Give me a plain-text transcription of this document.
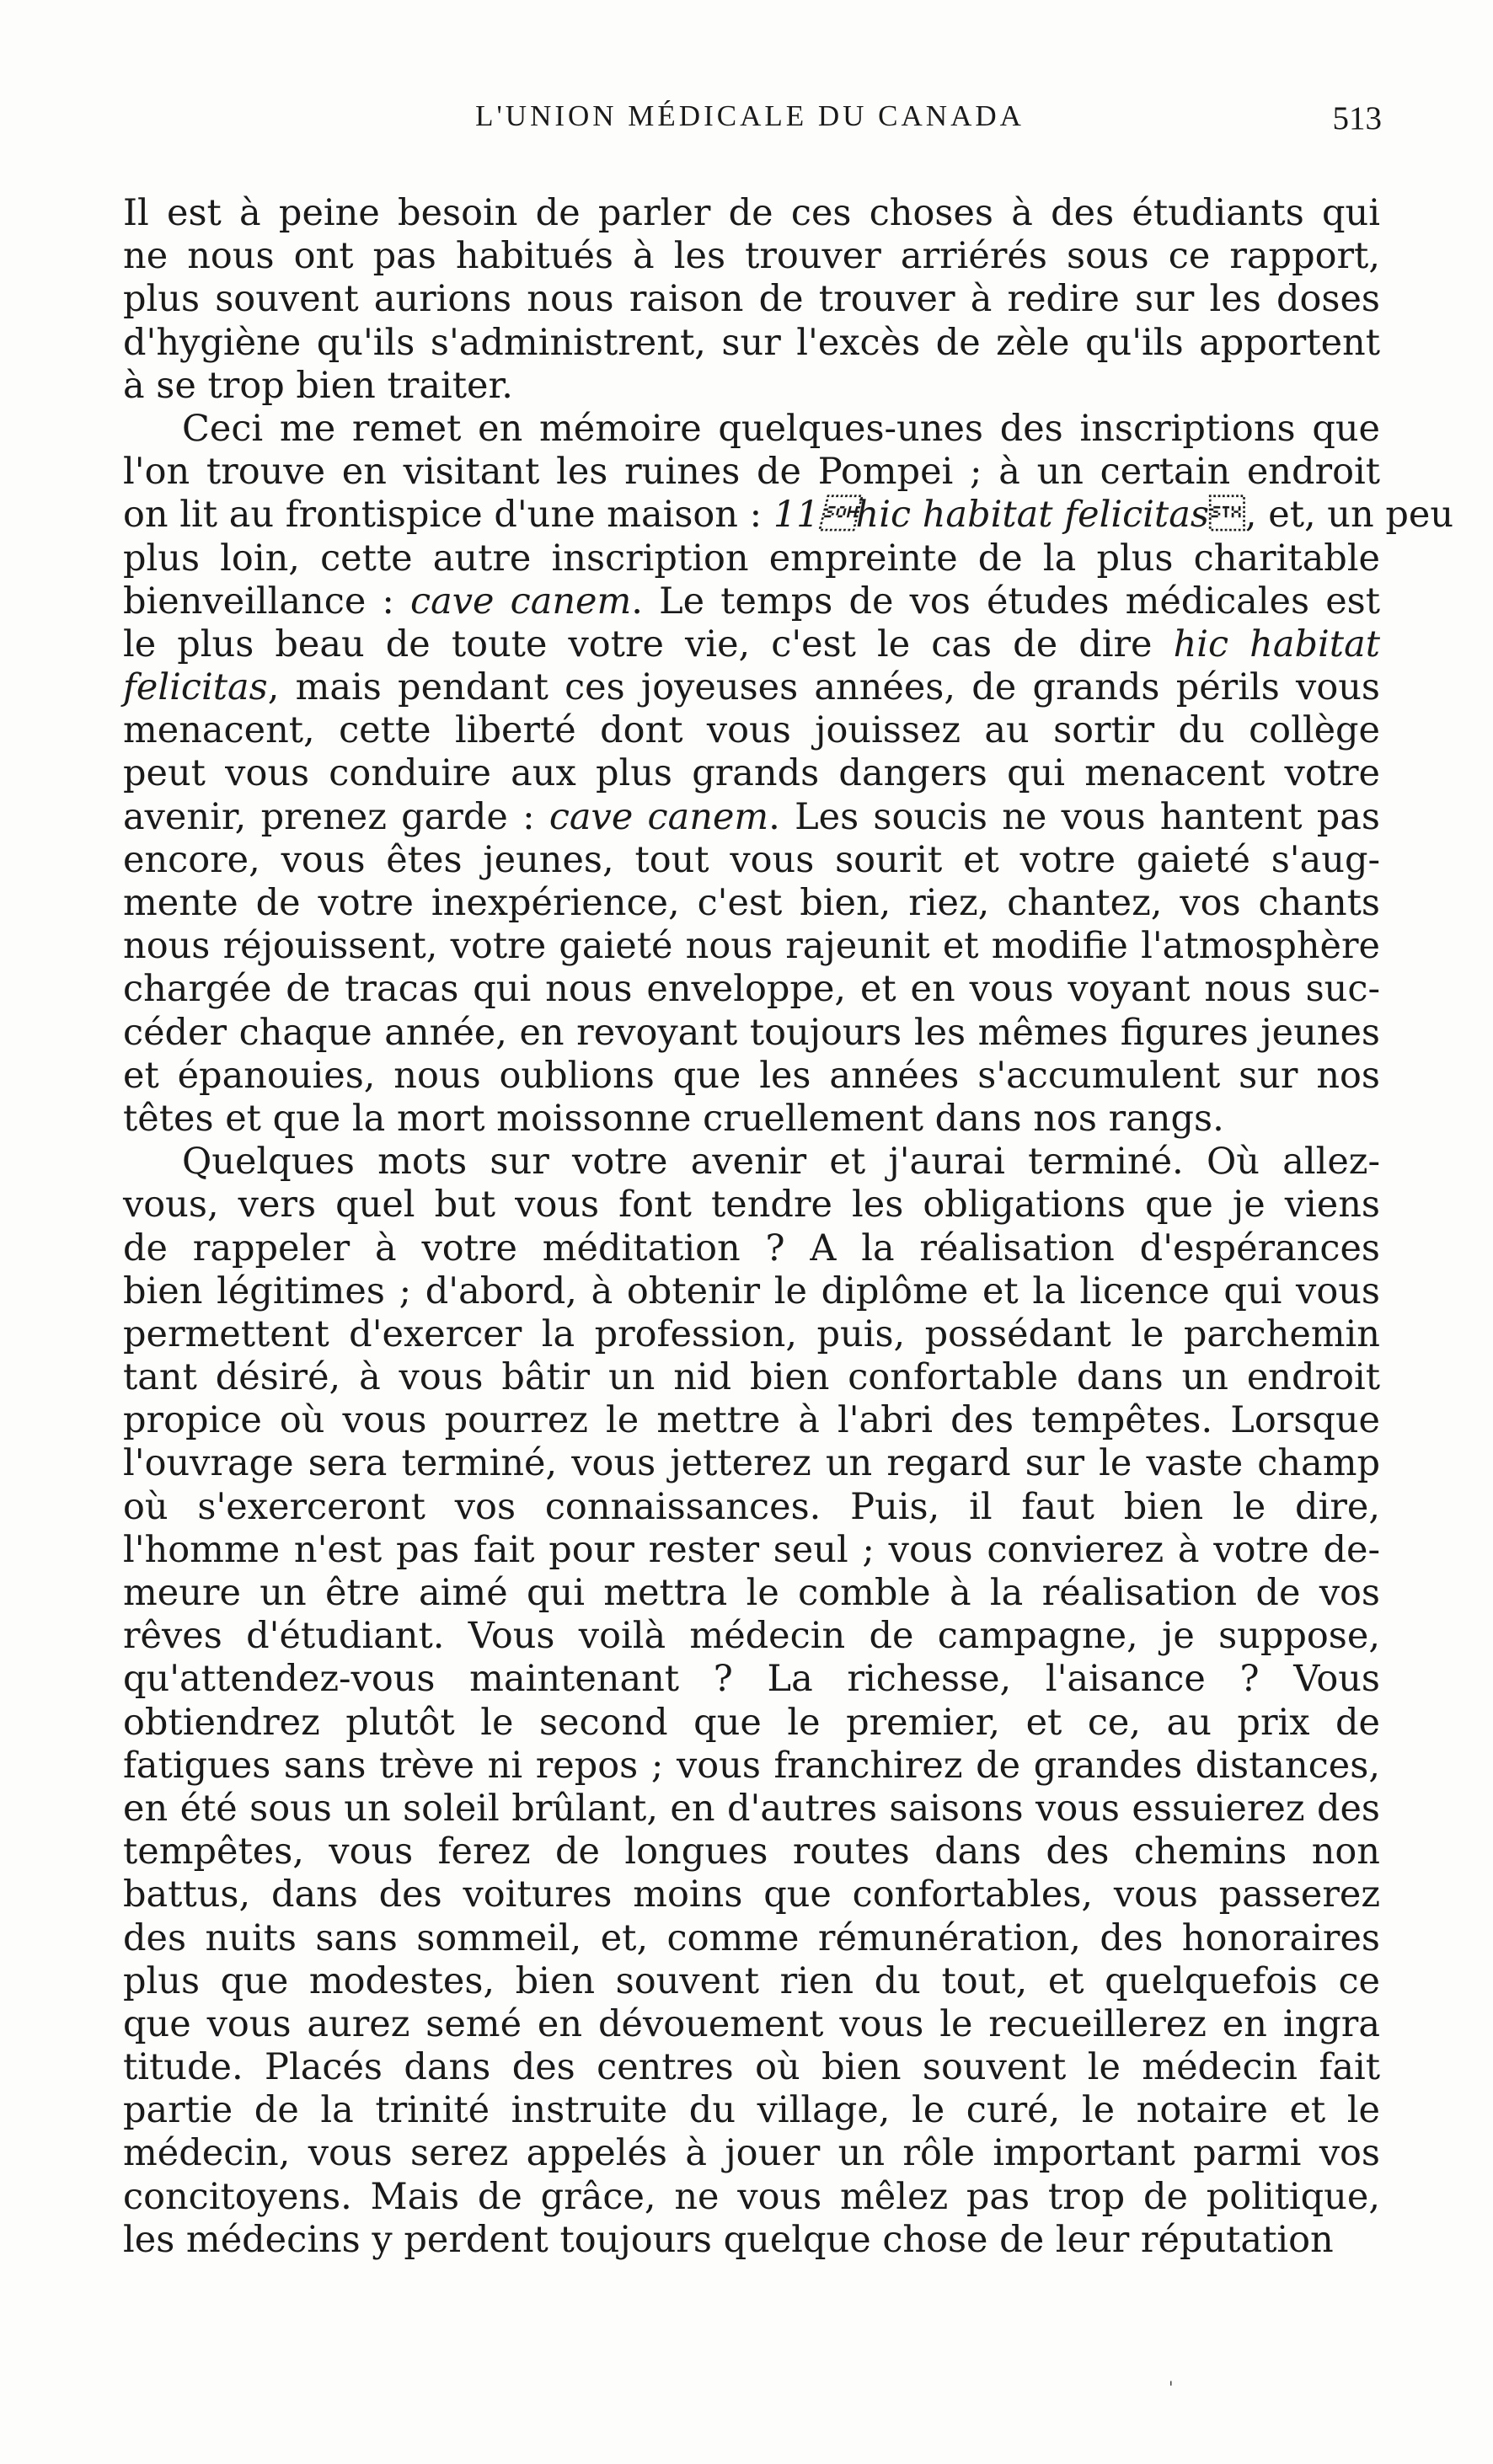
L'UNION MÉDICALE DU CANADA	513
Il est à peine besoin de parler de ces choses à des étudiants qui
ne nous ont pas habitués à les trouver arriérés sous ce rapport,
plus souvent aurions nous raison de trouver à redire sur les doses
d'hygiène qu'ils s'administrent, sur l'excès de zèle qu'ils apportent
à se trop bien traiter.
Ceci me remet en mémoire quelques-unes des inscriptions que
l'on trouve en visitant les ruines de Pompei ; à un certain endroit
on lit au frontispice d'une maison : 11hic habitat felicitas, et, un peu
plus loin, cette autre inscription empreinte de la plus charitable
bienveillance : cave canem. Le temps de vos études médicales est
le plus beau de toute votre vie, c'est le cas de dire hic habitat
felicitas, mais pendant ces joyeuses années, de grands périls vous
menacent, cette liberté dont vous jouissez au sortir du collège
peut vous conduire aux plus grands dangers qui menacent votre
avenir, prenez garde : cave canem. Les soucis ne vous hantent pas
encore, vous êtes jeunes, tout vous sourit et votre gaieté s'aug-
mente de votre inexpérience, c'est bien, riez, chantez, vos chants
nous réjouissent, votre gaieté nous rajeunit et modifie l'atmosphère
chargée de tracas qui nous enveloppe, et en vous voyant nous suc-
céder chaque année, en revoyant toujours les mêmes figures jeunes
et épanouies, nous oublions que les années s'accumulent sur nos
têtes et que la mort moissonne cruellement dans nos rangs.
Quelques mots sur votre avenir et j'aurai terminé. Où allez-
vous, vers quel but vous font tendre les obligations que je viens
de rappeler à votre méditation ? A la réalisation d'espérances
bien légitimes ; d'abord, à obtenir le diplôme et la licence qui vous
permettent d'exercer la profession, puis, possédant le parchemin
tant désiré, à vous bâtir un nid bien confortable dans un endroit
propice où vous pourrez le mettre à l'abri des tempêtes. Lorsque
l'ouvrage sera terminé, vous jetterez un regard sur le vaste champ
où s'exerceront vos connaissances. Puis, il faut bien le dire,
l'homme n'est pas fait pour rester seul ; vous convierez à votre de-
meure un être aimé qui mettra le comble à la réalisation de vos
rêves d'étudiant. Vous voilà médecin de campagne, je suppose,
qu'attendez-vous maintenant ? La richesse, l'aisance ? Vous
obtiendrez plutôt le second que le premier, et ce, au prix de
fatigues sans trève ni repos ; vous franchirez de grandes distances,
en été sous un soleil brûlant, en d'autres saisons vous essuierez des
tempêtes, vous ferez de longues routes dans des chemins non
battus, dans des voitures moins que confortables, vous passerez
des nuits sans sommeil, et, comme rémunération, des honoraires
plus que modestes, bien souvent rien du tout, et quelquefois ce
que vous aurez semé en dévouement vous le recueillerez en ingra
titude. Placés dans des centres où bien souvent le médecin fait
partie de la trinité instruite du village, le curé, le notaire et le
médecin, vous serez appelés à jouer un rôle important parmi vos
concitoyens. Mais de grâce, ne vous mêlez pas trop de politique,
les médecins y perdent toujours quelque chose de leur réputation
'
